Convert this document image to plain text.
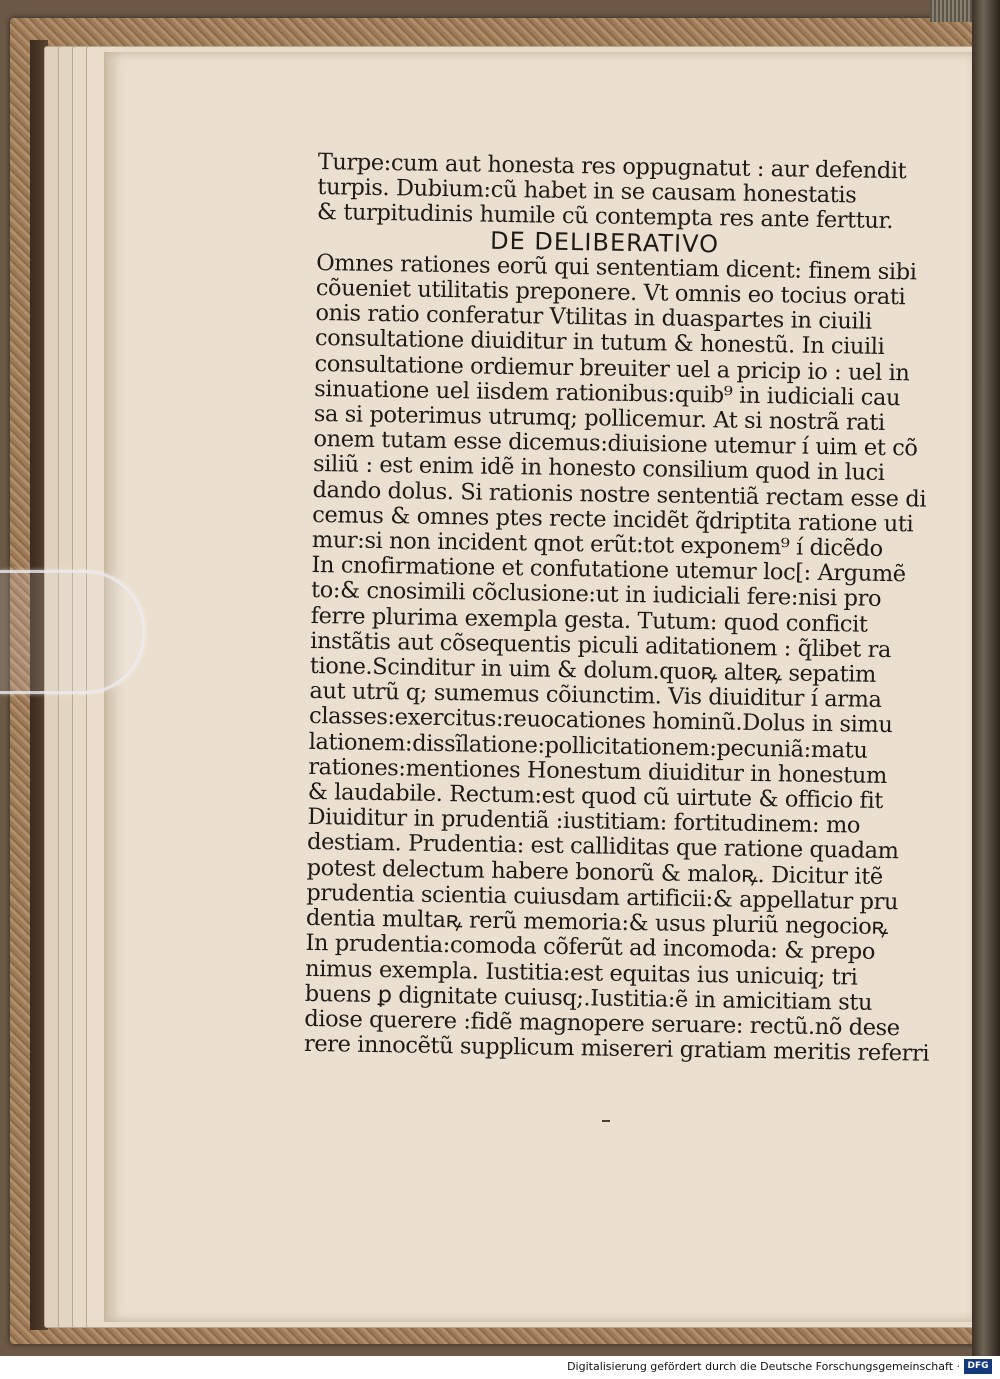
Turpe:cum aut honesta res oppugnatut : aur defendit
turpis. Dubium:cũ habet in se causam honestatis
& turpitudinis humile cũ contempta res ante ferttur.
DE DELIBERATIVO
Omnes rationes eorũ qui sententiam dicent: finem sibi
cõueniet utilitatis preponere. Vt omnis eo tocius orati
onis ratio conferatur Vtilitas in duaspartes in ciuili
consultatione diuiditur in tutum & honestũ. In ciuili
consultatione ordiemur breuiter uel a pricip io : uel in
sinuatione uel iisdem rationibus:quib⁹ in iudiciali cau
sa si poterimus utrumq; pollicemur. At si nostrã rati
onem tutam esse dicemus:diuisione utemur í uim et cõ
siliũ : est enim idẽ in honesto consilium quod in luci
dando dolus. Si rationis nostre sententiã rectam esse di
cemus & omnes ptes recte incidẽt q̃driptita ratione uti
mur:si non incident qnot erũt:tot exponem⁹ í dicẽdo
In cnofirmatione et confutatione utemur loc[: Argumẽ
to:& cnosimili cõclusione:ut in iudiciali fere:nisi pro
ferre plurima exempla gesta. Tutum: quod conficit
instãtis aut cõsequentis piculi aditationem : q̃libet ra
tione.Scinditur in uim & dolum.quoꝶ alteꝶ sepatim
aut utrũ q; sumemus cõiunctim. Vis diuiditur í arma
classes:exercitus:reuocationes hominũ.Dolus in simu
lationem:dissĩlatione:pollicitationem:pecuniã:matu
rationes:mentiones Honestum diuiditur in honestum
& laudabile. Rectum:est quod cũ uirtute & officio fit
Diuiditur in prudentiã :iustitiam: fortitudinem: mo
destiam. Prudentia: est calliditas que ratione quadam
potest delectum habere bonorũ & maloꝶ. Dicitur itẽ
prudentia scientia cuiusdam artificii:& appellatur pru
dentia multaꝶ rerũ memoria:& usus pluriũ negocioꝶ
In prudentia:comoda cõferũt ad incomoda: & prepo
nimus exempla. Iustitia:est equitas ius unicuiq; tri
buens ꝑ dignitate cuiusq;.Iustitia:ẽ in amicitiam stu
diose querere :fidẽ magnopere seruare: rectũ.nõ dese
rere innocẽtũ supplicum misereri gratiam meritis referri
Digitalisierung gefördert durch die Deutsche Forschungsgemeinschaft · DFG
